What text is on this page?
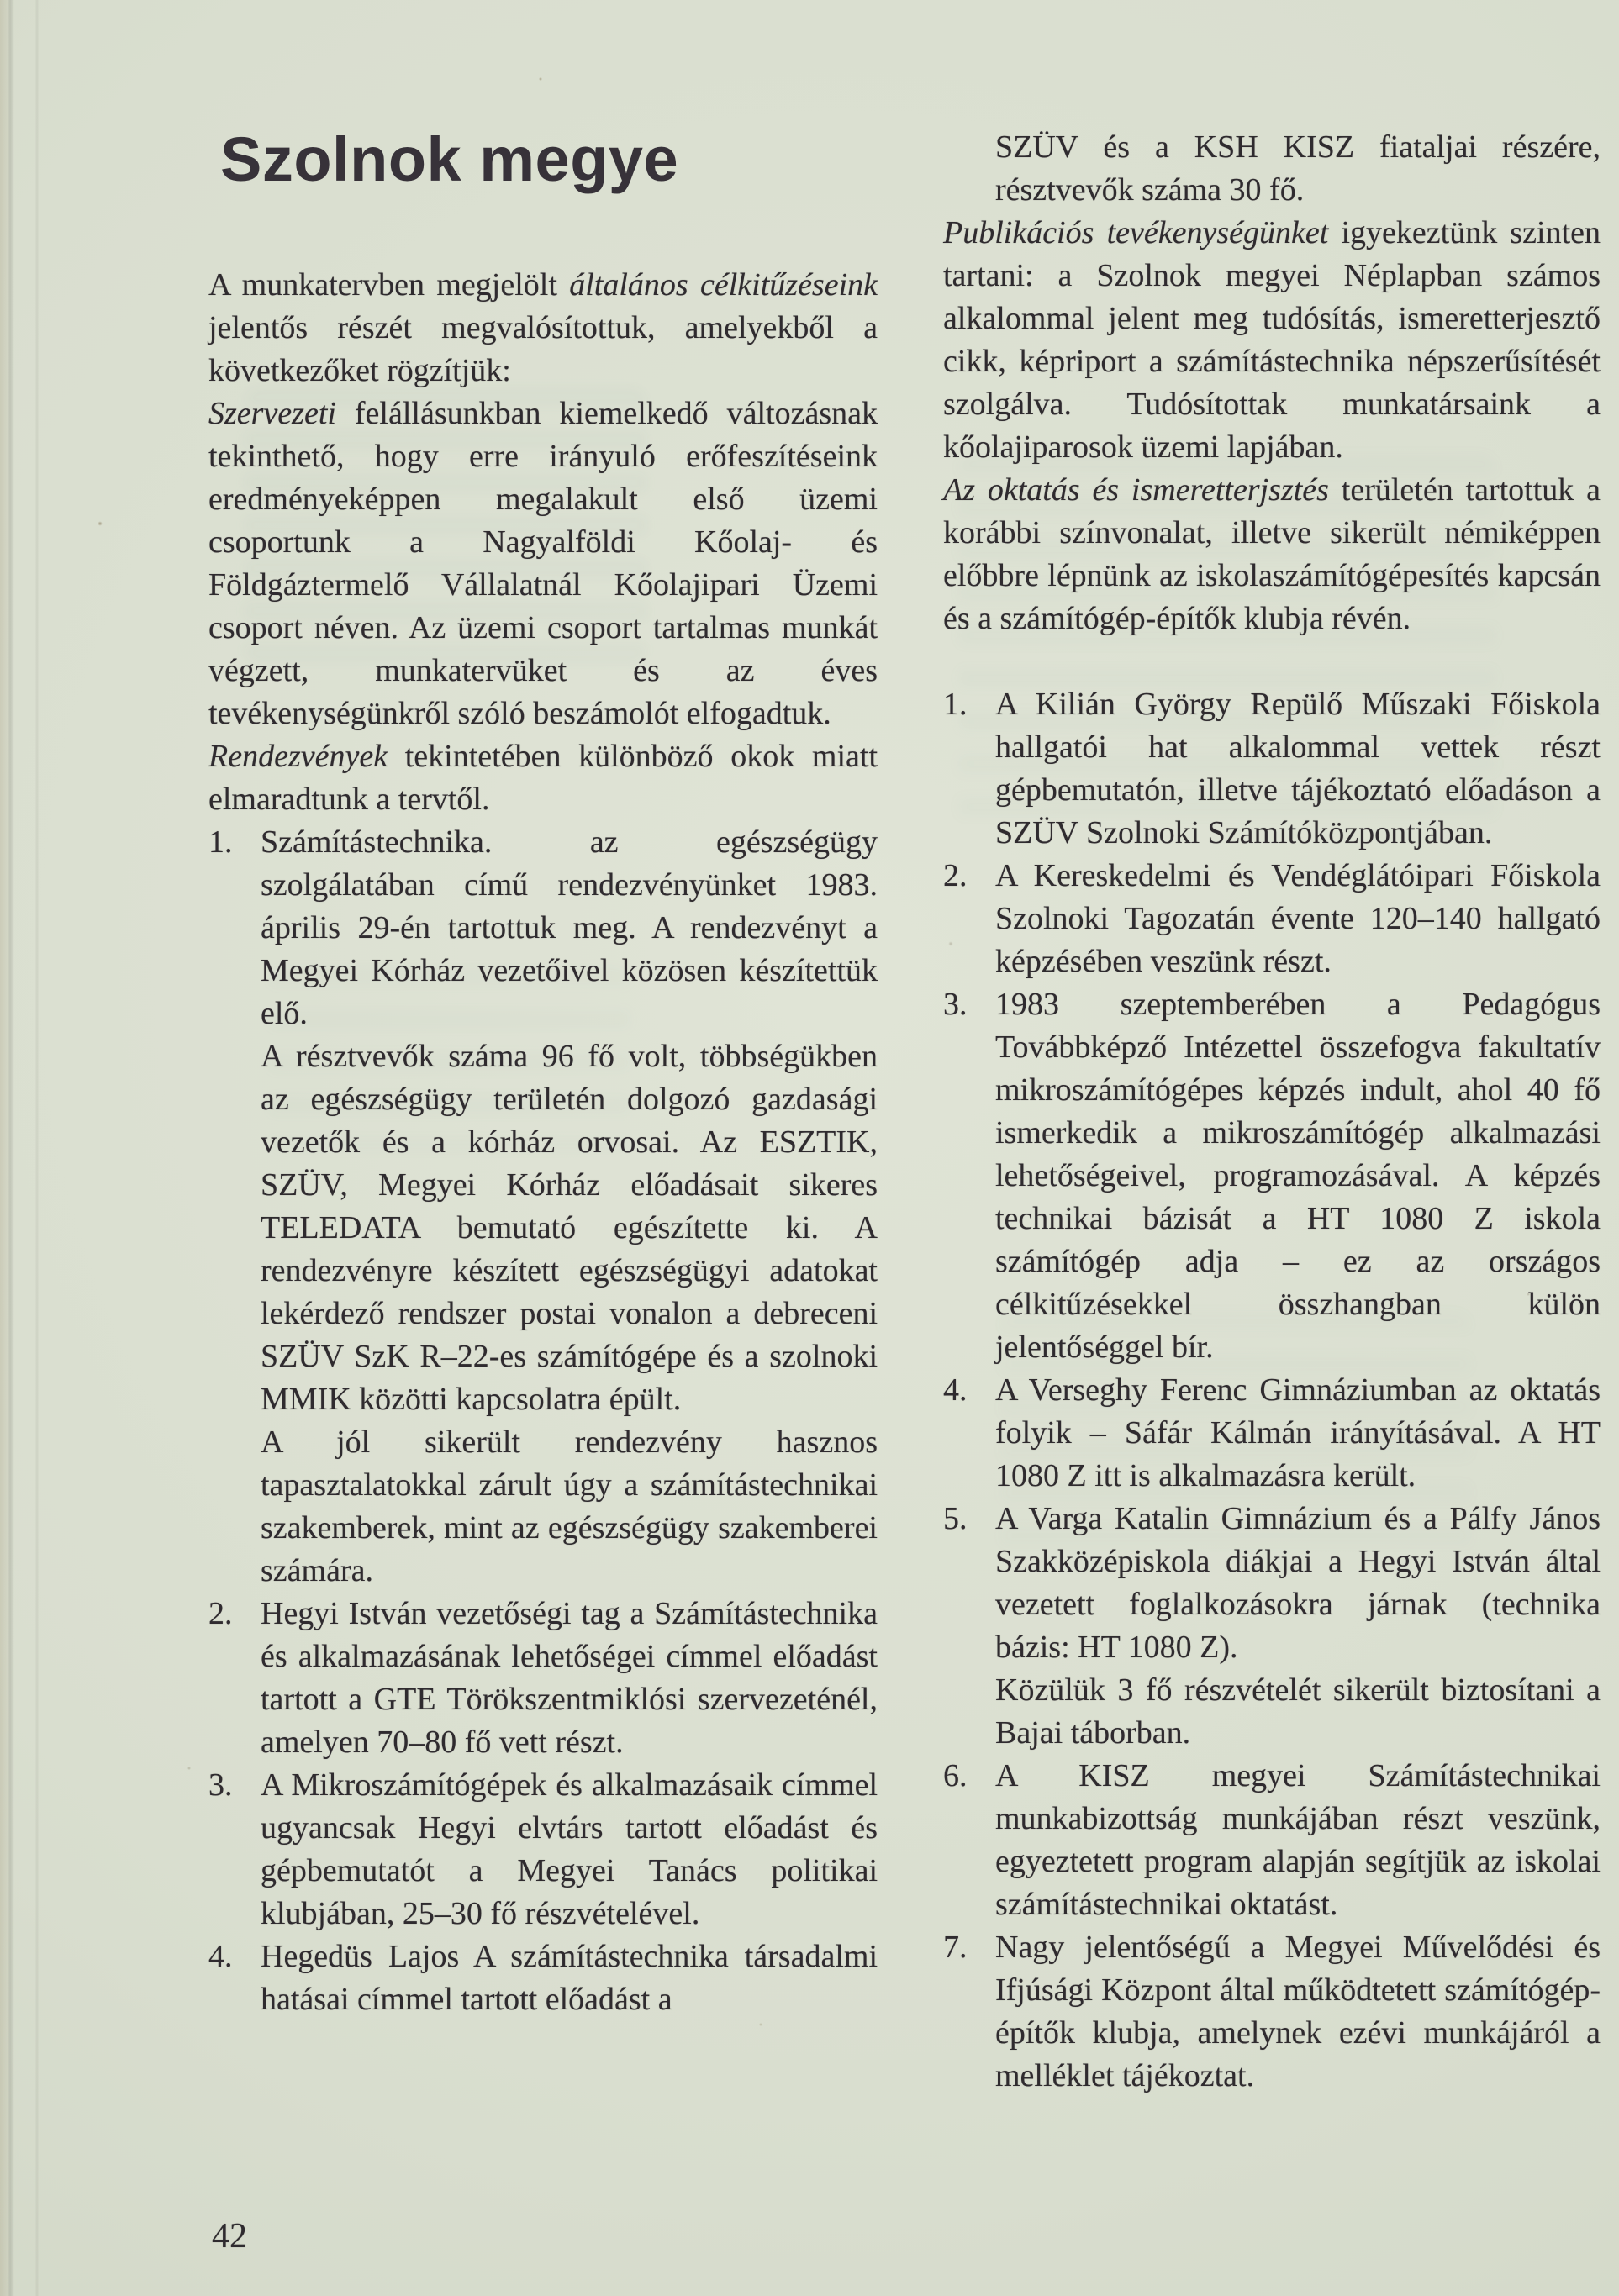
Szolnok megye

A munkatervben megjelölt általános célkitűzéseink jelentős részét megvalósítottuk, amelyekből a következőket rögzítjük:

Szervezeti felállásunkban kiemelkedő változásnak tekinthető, hogy erre irányuló erőfeszítéseink eredményeképpen megalakult első üzemi csoportunk a Nagyalföldi Kőolaj- és Földgáztermelő Vállalatnál Kőolajipari Üzemi csoport néven. Az üzemi csoport tartalmas munkát végzett, munkatervüket és az éves tevékenységünkről szóló beszámolót elfogadtuk.

Rendezvények tekintetében különböző okok miatt elmaradtunk a tervtől.

1. Számítástechnika. az egészségügy szolgálatában című rendezvényünket 1983. április 29-én tartottuk meg. A rendezvényt a Megyei Kórház vezetőivel közösen készítettük elő.

A résztvevők száma 96 fő volt, többségükben az egészségügy területén dolgozó gazdasági vezetők és a kórház orvosai. Az ESZTIK, SZÜV, Megyei Kórház előadásait sikeres TELEDATA bemutató egészítette ki. A rendezvényre készített egészségügyi adatokat lekérdező rendszer postai vonalon a debreceni SZÜV SzK R–22-es számítógépe és a szolnoki MMIK közötti kapcsolatra épült.

A jól sikerült rendezvény hasznos tapasztalatokkal zárult úgy a számítástechnikai szakemberek, mint az egészségügy szakemberei számára.

2. Hegyi István vezetőségi tag a Számítástechnika és alkalmazásának lehetőségei címmel előadást tartott a GTE Törökszentmiklósi szervezeténél, amelyen 70–80 fő vett részt.

3. A Mikroszámítógépek és alkalmazásaik címmel ugyancsak Hegyi elvtárs tartott előadást és gépbemutatót a Megyei Tanács politikai klubjában, 25–30 fő részvételével.

4. Hegedüs Lajos A számítástechnika társadalmi hatásai címmel tartott előadást a

SZÜV és a KSH KISZ fiataljai részére, résztvevők száma 30 fő.

Publikációs tevékenységünket igyekeztünk szinten tartani: a Szolnok megyei Néplapban számos alkalommal jelent meg tudósítás, ismeretterjesztő cikk, képriport a számítástechnika népszerűsítését szolgálva. Tudósítottak munkatársaink a kőolajiparosok üzemi lapjában.

Az oktatás és ismeretterjsztés területén tartottuk a korábbi színvonalat, illetve sikerült némiképpen előbbre lépnünk az iskolaszámítógépesítés kapcsán és a számítógép-építők klubja révén.

1. A Kilián György Repülő Műszaki Főiskola hallgatói hat alkalommal vettek részt gépbemutatón, illetve tájékoztató előadáson a SZÜV Szolnoki Számítóközpontjában.

2. A Kereskedelmi és Vendéglátóipari Főiskola Szolnoki Tagozatán évente 120–140 hallgató képzésében veszünk részt.

3. 1983 szeptemberében a Pedagógus Továbbképző Intézettel összefogva fakultatív mikroszámítógépes képzés indult, ahol 40 fő ismerkedik a mikroszámítógép alkalmazási lehetőségeivel, programozásával. A képzés technikai bázisát a HT 1080 Z iskola számítógép adja – ez az országos célkitűzésekkel összhangban külön jelentőséggel bír.

4. A Verseghy Ferenc Gimnáziumban az oktatás folyik – Sáfár Kálmán irányításával. A HT 1080 Z itt is alkalmazásra került.

5. A Varga Katalin Gimnázium és a Pálfy János Szakközépiskola diákjai a Hegyi István által vezetett foglalkozásokra járnak (technika bázis: HT 1080 Z).

Közülük 3 fő részvételét sikerült biztosítani a Bajai táborban.

6. A KISZ megyei Számítástechnikai munkabizottság munkájában részt veszünk, egyeztetett program alapján segítjük az iskolai számítástechnikai oktatást.

7. Nagy jelentőségű a Megyei Művelődési és Ifjúsági Központ által működtetett számítógép-építők klubja, amelynek ezévi munkájáról a melléklet tájékoztat.

42
